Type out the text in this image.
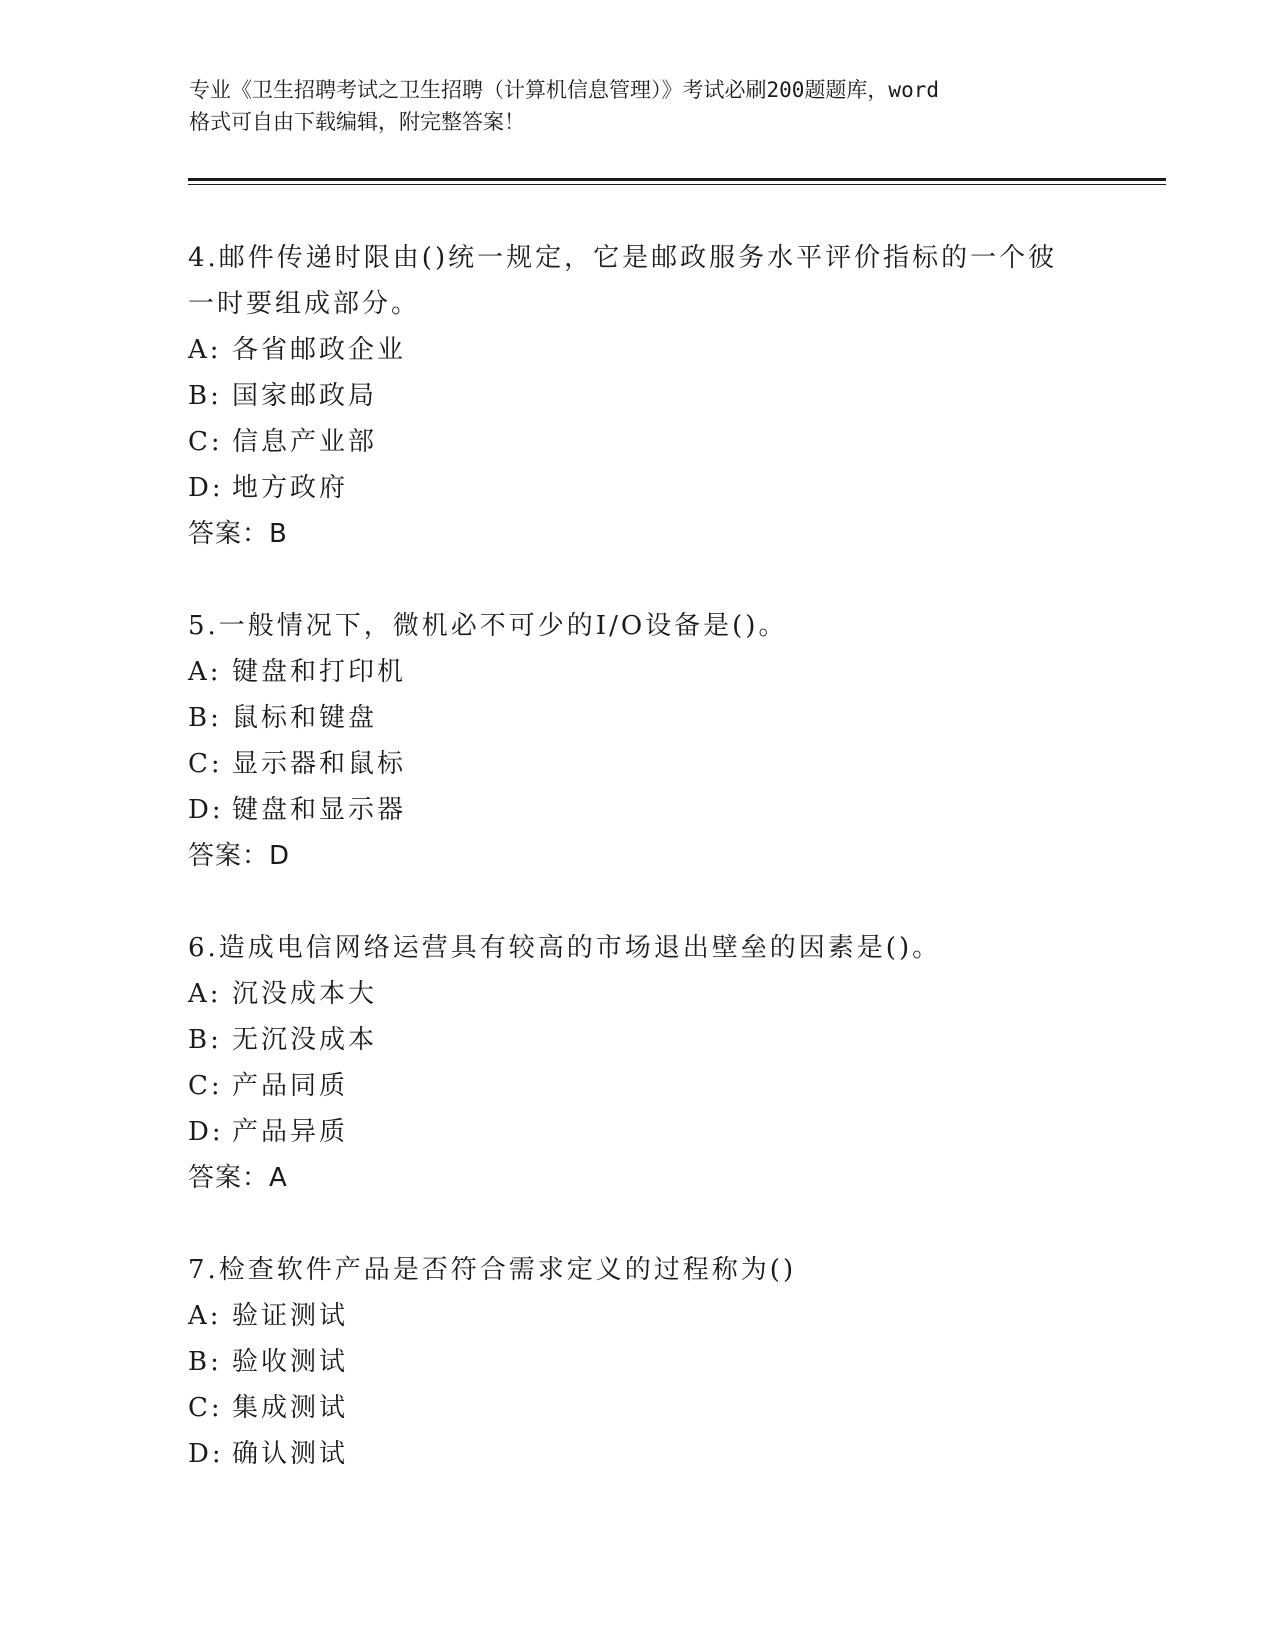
专业《卫生招聘考试之卫生招聘（计算机信息管理）》考试必刷200题题库，word
格式可自由下载编辑，附完整答案！
4.邮件传递时限由()统一规定，它是邮政服务水平评价指标的一个彼
一时要组成部分。
A: 各省邮政企业
B: 国家邮政局
C: 信息产业部
D: 地方政府
答案：B
5.一般情况下，微机必不可少的I/O设备是()。
A: 键盘和打印机
B: 鼠标和键盘
C: 显示器和鼠标
D: 键盘和显示器
答案：D
6.造成电信网络运营具有较高的市场退出壁垒的因素是()。
A: 沉没成本大
B: 无沉没成本
C: 产品同质
D: 产品异质
答案：A
7.检查软件产品是否符合需求定义的过程称为()
A: 验证测试
B: 验收测试
C: 集成测试
D: 确认测试
